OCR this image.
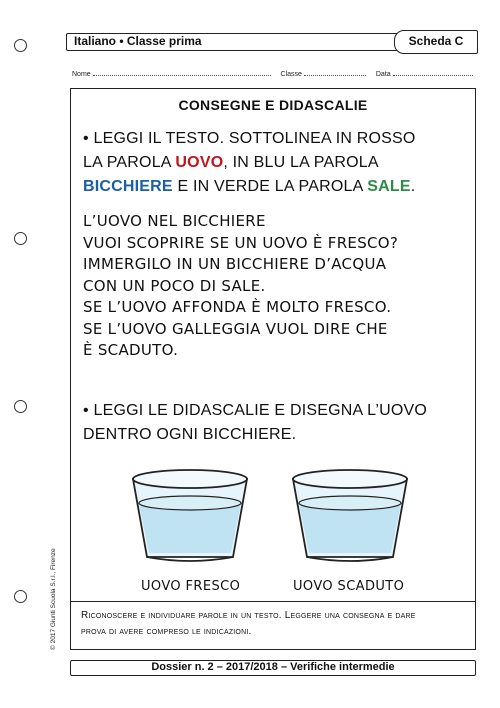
Italiano • Classe prima	Scheda C
Nome	Classe	Data
CONSEGNE E DIDASCALIE
• LEGGI IL TESTO. SOTTOLINEA IN ROSSO
LA PAROLA UOVO, IN BLU LA PAROLA
BICCHIERE E IN VERDE LA PAROLA SALE.
L’UOVO NEL BICCHIERE
VUOI SCOPRIRE SE UN UOVO È FRESCO?
IMMERGILO IN UN BICCHIERE D’ACQUA
CON UN POCO DI SALE.
SE L’UOVO AFFONDA È MOLTO FRESCO.
SE L’UOVO GALLEGGIA VUOL DIRE CHE
È SCADUTO.
• LEGGI LE DIDASCALIE E DISEGNA L’UOVO
DENTRO OGNI BICCHIERE.
UOVO FRESCO	UOVO SCADUTO
Riconoscere e individuare parole in un testo. Leggere una consegna e dare
prova di avere compreso le indicazioni.
© 2017 Giunti Scuola S.r.l., Firenze
Dossier n. 2 – 2017/2018 – Verifiche intermedie
